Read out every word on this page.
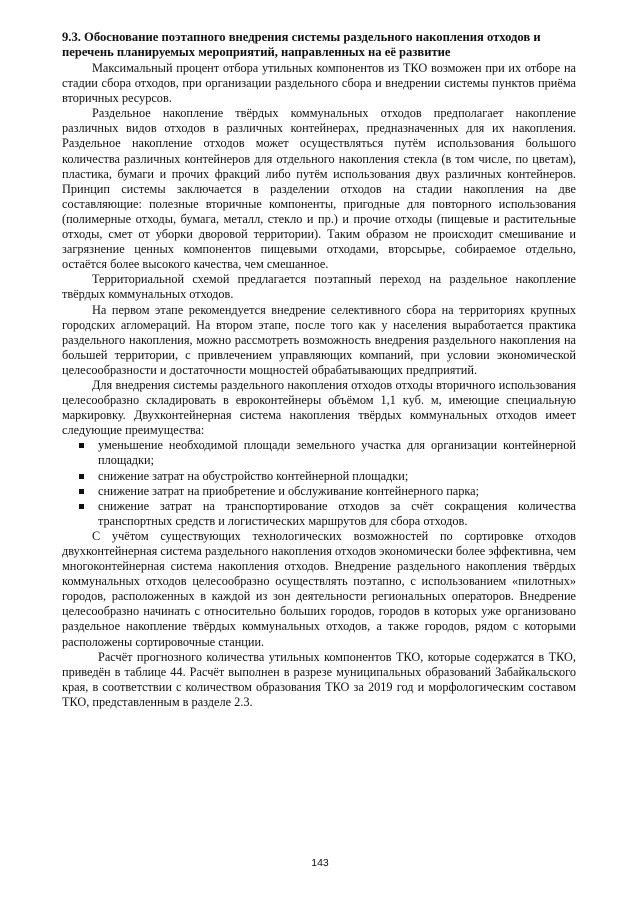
9.3. Обоснование поэтапного внедрения системы раздельного накопления отходов и перечень планируемых мероприятий, направленных на её развитие

Максимальный процент отбора утильных компонентов из ТКО возможен при их отборе на стадии сбора отходов, при организации раздельного сбора и внедрении системы пунктов приёма вторичных ресурсов.

Раздельное накопление твёрдых коммунальных отходов предполагает накопление различных видов отходов в различных контейнерах, предназначенных для их накопления. Раздельное накопление отходов может осуществляться путём использования большого количества различных контейнеров для отдельного накопления стекла (в том числе, по цветам), пластика, бумаги и прочих фракций либо путём использования двух различных контейнеров. Принцип системы заключается в разделении отходов на стадии накопления на две составляющие: полезные вторичные компоненты, пригодные для повторного использования (полимерные отходы, бумага, металл, стекло и пр.) и прочие отходы (пищевые и растительные отходы, смет от уборки дворовой территории). Таким образом не происходит смешивание и загрязнение ценных компонентов пищевыми отходами, вторсырье, собираемое отдельно, остаётся более высокого качества, чем смешанное.

Территориальной схемой предлагается поэтапный переход на раздельное накопление твёрдых коммунальных отходов.

На первом этапе рекомендуется внедрение селективного сбора на территориях крупных городских агломераций. На втором этапе, после того как у населения выработается практика раздельного накопления, можно рассмотреть возможность внедрения раздельного накопления на большей территории, с привлечением управляющих компаний, при условии экономической целесообразности и достаточности мощностей обрабатывающих предприятий.

Для внедрения системы раздельного накопления отходов отходы вторичного использования целесообразно складировать в евроконтейнеры объёмом 1,1 куб. м, имеющие специальную маркировку. Двухконтейнерная система накопления твёрдых коммунальных отходов имеет следующие преимущества:

уменьшение необходимой площади земельного участка для организации контейнерной площадки;
снижение затрат на обустройство контейнерной площадки;
снижение затрат на приобретение и обслуживание контейнерного парка;
снижение затрат на транспортирование отходов за счёт сокращения количества транспортных средств и логистических маршрутов для сбора отходов.

С учётом существующих технологических возможностей по сортировке отходов двухконтейнерная система раздельного накопления отходов экономически более эффективна, чем многоконтейнерная система накопления отходов. Внедрение раздельного накопления твёрдых коммунальных отходов целесообразно осуществлять поэтапно, с использованием «пилотных» городов, расположенных в каждой из зон деятельности региональных операторов. Внедрение целесообразно начинать с относительно больших городов, городов в которых уже организовано раздельное накопление твёрдых коммунальных отходов, а также городов, рядом с которыми расположены сортировочные станции.

Расчёт прогнозного количества утильных компонентов ТКО, которые содержатся в ТКО, приведён в таблице 44. Расчёт выполнен в разрезе муниципальных образований Забайкальского края, в соответствии с количеством образования ТКО за 2019 год и морфологическим составом ТКО, представленным в разделе 2.3.

143
